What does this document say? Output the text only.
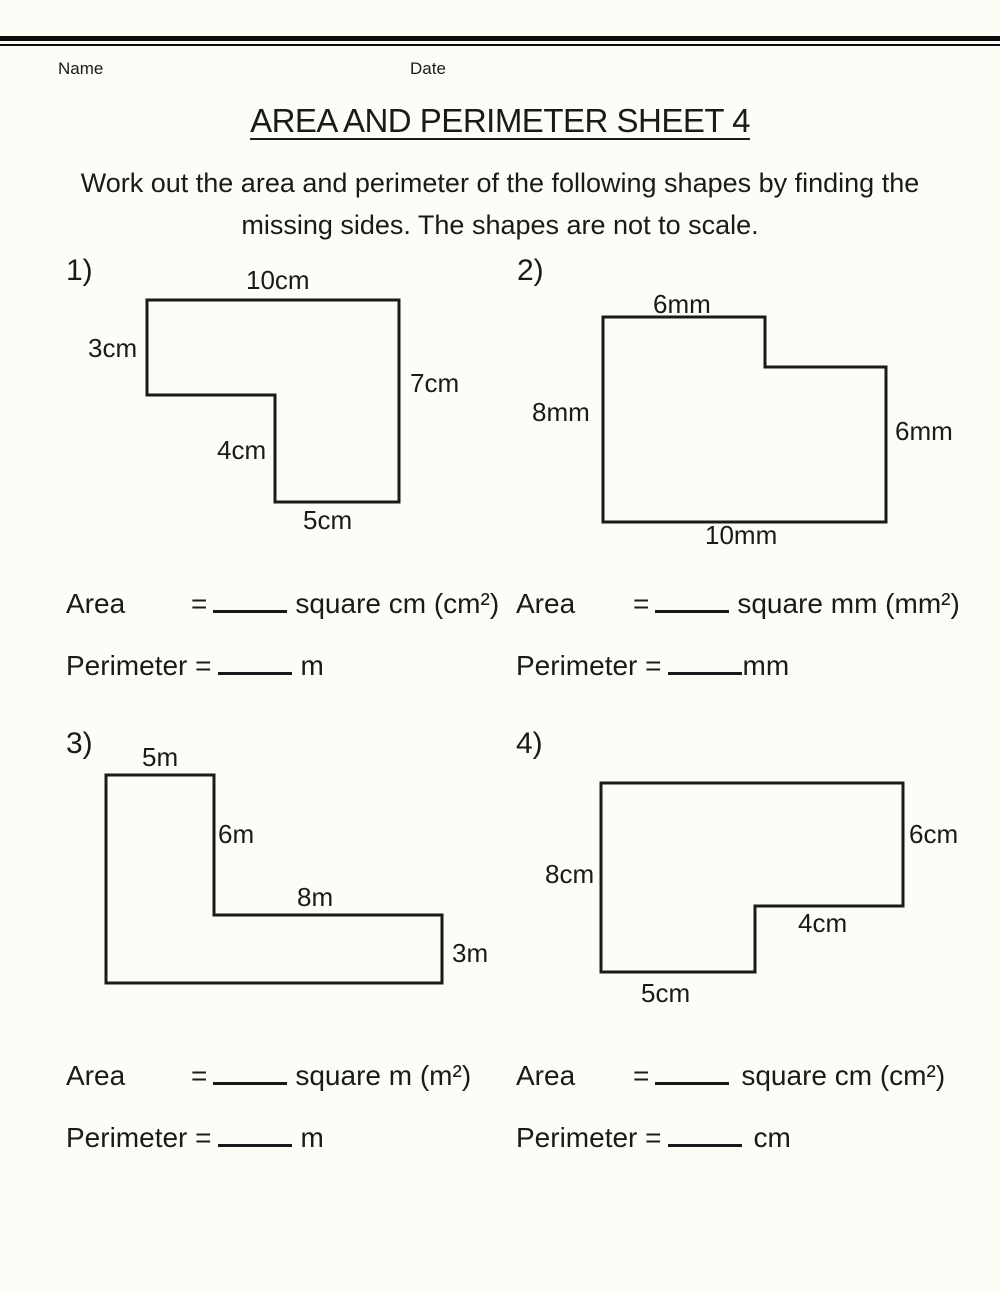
Name	Date
AREA AND PERIMETER SHEET 4
Work out the area and perimeter of the following shapes by finding the
missing sides. The shapes are not to scale.
1)	10cm
3cm
7cm
4cm
5cm
Area =	square cm (cm²)
Perimeter =	m
2)
6mm
8mm
6mm
10mm
Area =	square mm (mm²)
Perimeter =	mm
3) 5m
6m
8m
3m
Area =	square m (m²)
Perimeter =	m
4)
8cm
6cm
4cm
5cm
Area =	square cm (cm²)
Perimeter =	cm
